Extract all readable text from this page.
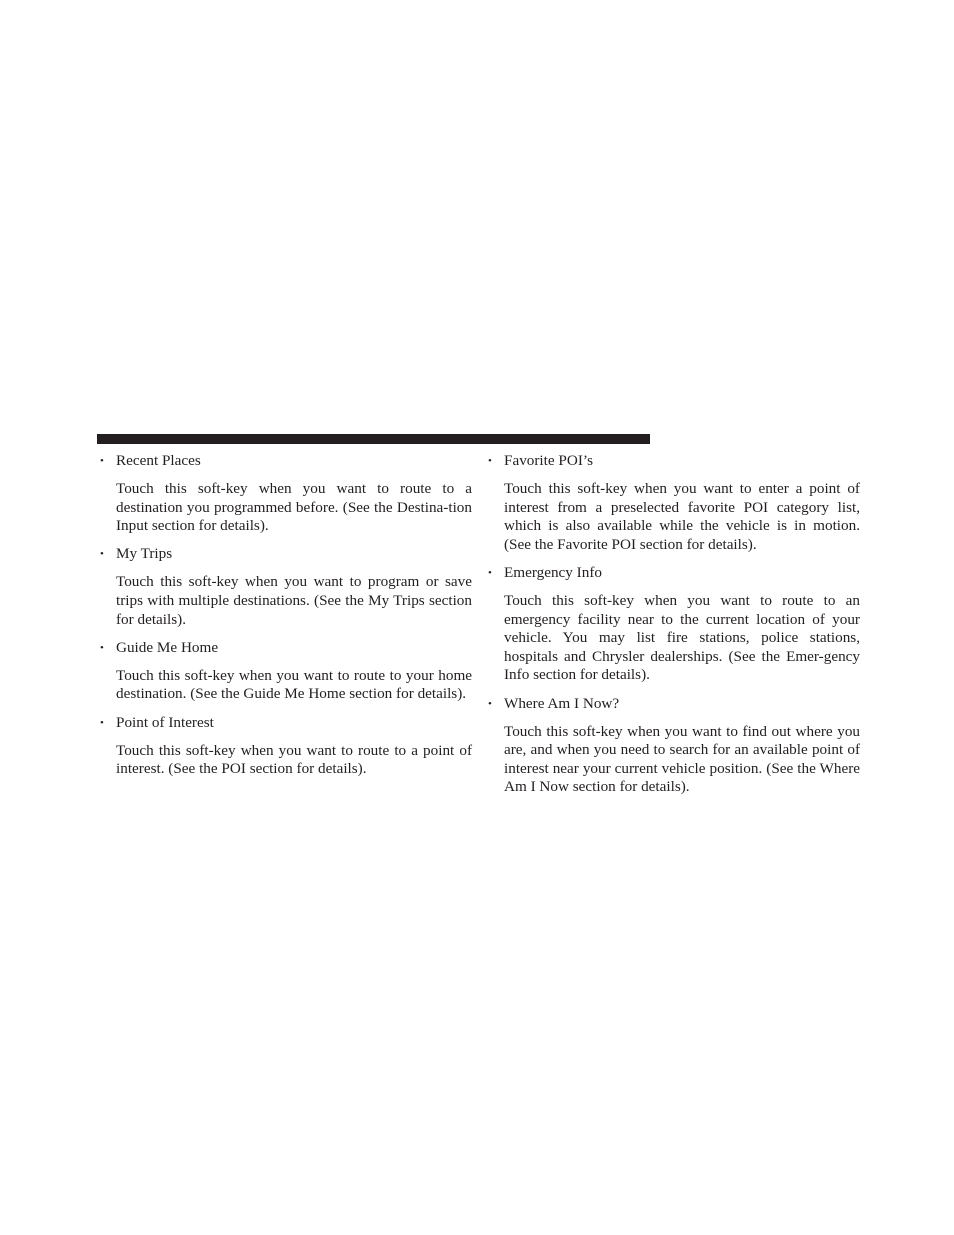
• Recent Places

Touch this soft-key when you want to route to a destination you programmed before. (See the Destina-tion Input section for details).

• My Trips

Touch this soft-key when you want to program or save trips with multiple destinations. (See the My Trips section for details).

• Guide Me Home

Touch this soft-key when you want to route to your home destination. (See the Guide Me Home section for details).

• Point of Interest

Touch this soft-key when you want to route to a point of interest. (See the POI section for details).

• Favorite POI’s

Touch this soft-key when you want to enter a point of interest from a preselected favorite POI category list, which is also available while the vehicle is in motion. (See the Favorite POI section for details).

• Emergency Info

Touch this soft-key when you want to route to an emergency facility near to the current location of your vehicle. You may list fire stations, police stations, hospitals and Chrysler dealerships. (See the Emer-gency Info section for details).

• Where Am I Now?

Touch this soft-key when you want to find out where you are, and when you need to search for an available point of interest near your current vehicle position. (See the Where Am I Now section for details).
